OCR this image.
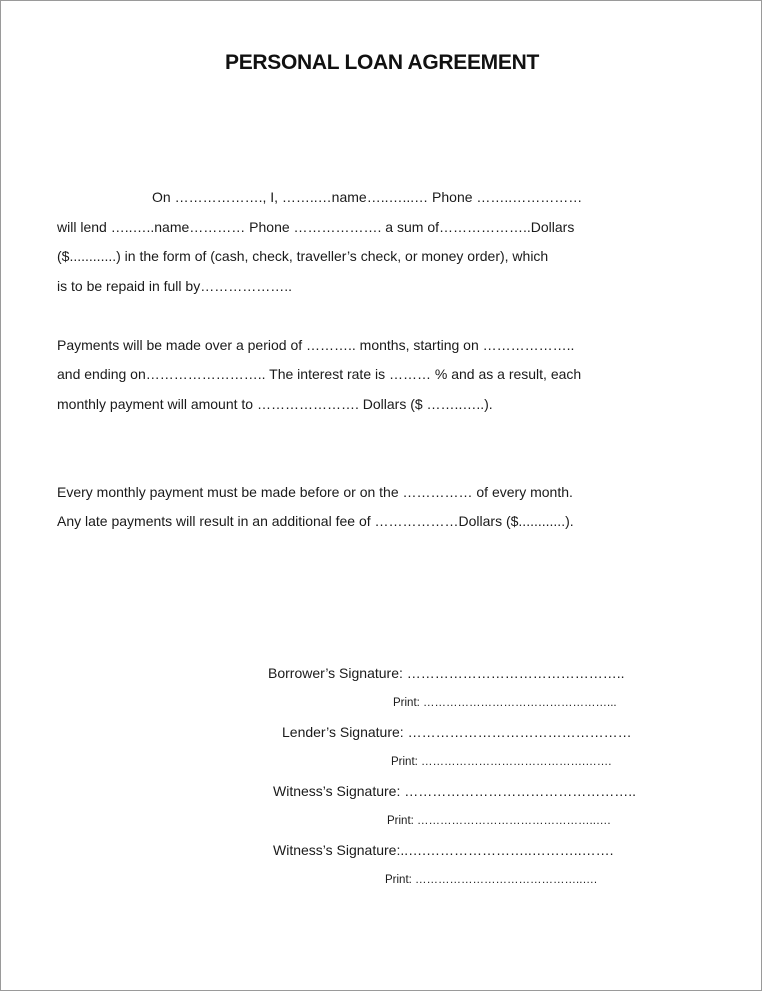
PERSONAL LOAN AGREEMENT
On ………………., I, ……..…name…..…...… Phone ……..……………
will lend …..…..name………… Phone ………………. a sum of………………..Dollars
($............) in the form of (cash, check, traveller’s check, or money order), which
is to be repaid in full by………………..
Payments will be made over a period of ……….. months, starting on ………………..
and ending on…………………….. The interest rate is ……… % and as a result, each
monthly payment will amount to …………………. Dollars ($ ……..…..).
Every monthly payment must be made before or on the …………… of every month.
Any late payments will result in an additional fee of ………………Dollars ($............).
Borrower’s Signature: ………………………………………..
Print: …………………………………………...
Lender’s Signature: …………………………………………
Print: …………………………………….…….
Witness’s Signature: …………………………………………..
Print: ………………………………………..….
Witness’s Signature:..….…………………..………..…….
Print: ……………………………………..….
